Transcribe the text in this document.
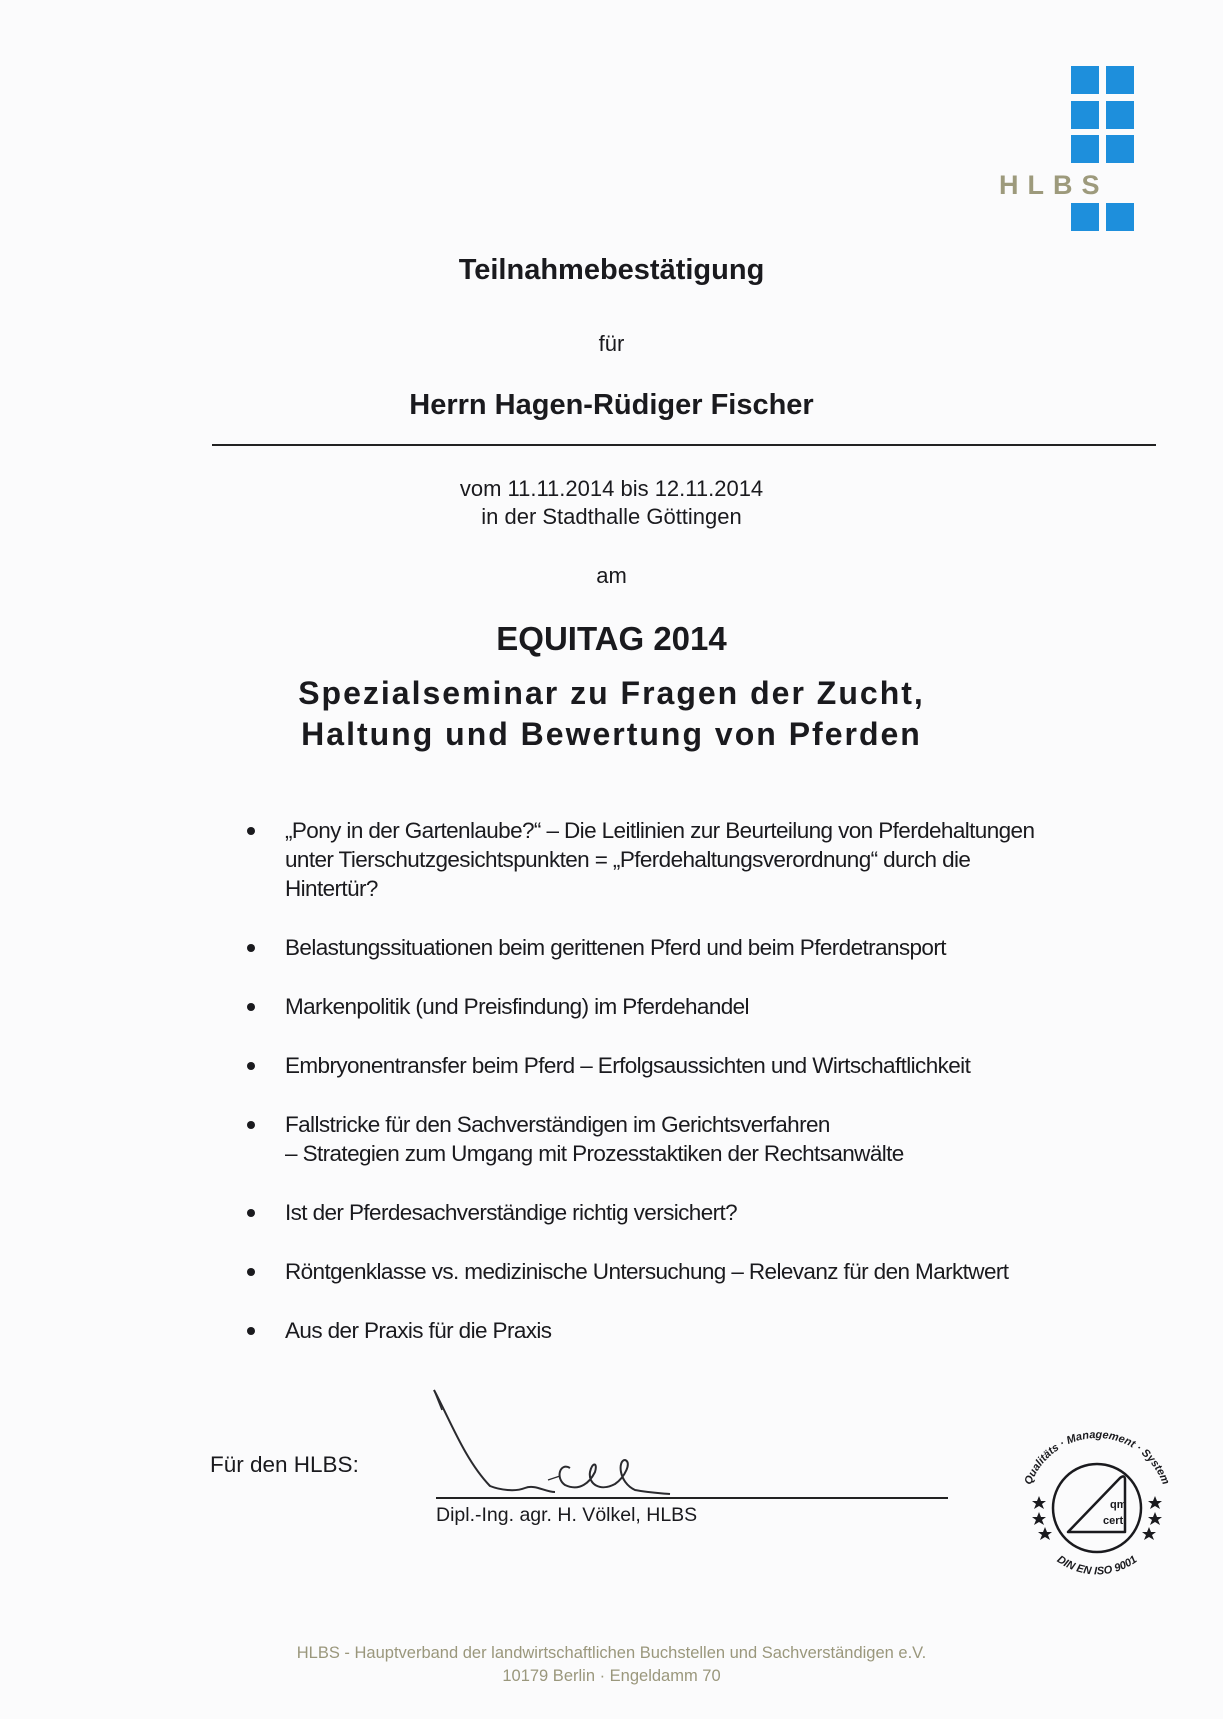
HLBS
Teilnahmebestätigung
für
Herrn Hagen-Rüdiger Fischer
vom 11.11.2014 bis 12.11.2014
in der Stadthalle Göttingen
am
EQUITAG 2014
Spezialseminar zu Fragen der Zucht,
Haltung und Bewertung von Pferden
„Pony in der Gartenlaube?“ – Die Leitlinien zur Beurteilung von Pferdehaltungen
unter Tierschutzgesichtspunkten = „Pferdehaltungsverordnung“ durch die
Hintertür?
Belastungssituationen beim gerittenen Pferd und beim Pferdetransport
Markenpolitik (und Preisfindung) im Pferdehandel
Embryonentransfer beim Pferd – Erfolgsaussichten und Wirtschaftlichkeit
Fallstricke für den Sachverständigen im Gerichtsverfahren
– Strategien zum Umgang mit Prozesstaktiken der Rechtsanwälte
Ist der Pferdesachverständige richtig versichert?
Röntgenklasse vs. medizinische Untersuchung – Relevanz für den Marktwert
Aus der Praxis für die Praxis
Für den HLBS:
Dipl.-Ing. agr. H. Völkel, HLBS
Qualitäts · Management · System
DIN EN ISO 9001
qm
cert
HLBS - Hauptverband der landwirtschaftlichen Buchstellen und Sachverständigen e.V.
10179 Berlin · Engeldamm 70
